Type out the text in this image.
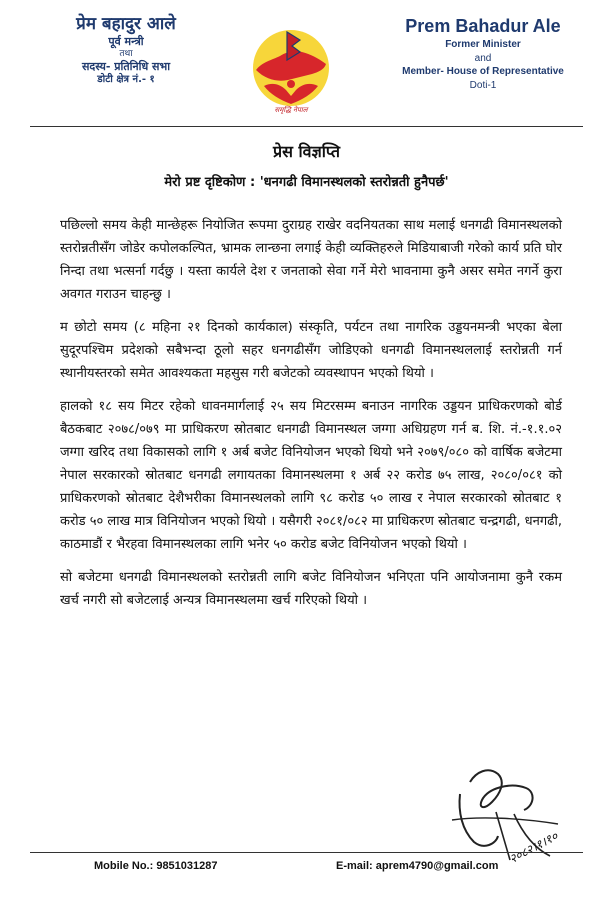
प्रेम बहादुर आले
पूर्व मन्त्री
तथा
सदस्य- प्रतिनिधि सभा
डोटी क्षेत्र नं.- १
समृद्धि नेपाल
Prem Bahadur Ale
Former Minister
and
Member- House of Representative
Doti-1
प्रेस विज्ञप्ति
मेरो प्रष्ट दृष्टिकोण : 'धनगढी विमानस्थलको स्तरोन्नती हुनैपर्छ'

पछिल्लो समय केही मान्छेहरू नियोजित रूपमा दुराग्रह राखेर वदनियतका साथ मलाई धनगढी विमानस्थलको स्तरोन्नतीसँग जोडेर कपोलकल्पित, भ्रामक लान्छना लगाई केही व्यक्तिहरुले मिडियाबाजी गरेको कार्य प्रति घोर निन्दा तथा भत्सर्ना गर्दछु । यस्ता कार्यले देश र जनताको सेवा गर्ने मेरो भावनामा कुनै असर समेत नगर्ने कुरा अवगत गराउन चाहन्छु ।

म छोटो समय (८ महिना २१ दिनको कार्यकाल) संस्कृति, पर्यटन तथा नागरिक उड्डयनमन्त्री भएका बेला सुदूरपश्चिम प्रदेशको सबैभन्दा ठूलो सहर धनगढीसँग जोडिएको धनगढी विमानस्थललाई स्तरोन्नती गर्न स्थानीयस्तरको समेत आवश्यकता महसुस गरी बजेटको व्यवस्थापन भएको थियो ।

हालको १८ सय मिटर रहेको धावनमार्गलाई २५ सय मिटरसम्म बनाउन नागरिक उड्डयन प्राधिकरणको बोर्ड बैठकबाट २०७८/०७९ मा प्राधिकरण स्रोतबाट धनगढी विमानस्थल जग्गा अधिग्रहण गर्न ब. शि. नं.-१.१.०२ जग्गा खरिद तथा विकासको लागि १ अर्ब बजेट विनियोजन भएको थियो भने २०७९/०८० को वार्षिक बजेटमा नेपाल सरकारको स्रोतबाट धनगढी लगायतका विमानस्थलमा १ अर्ब २२ करोड ७५ लाख, २०८०/०८१ को प्राधिकरणको स्रोतबाट देशैभरीका विमानस्थलको लागि ९८ करोड ५० लाख र नेपाल सरकारको स्रोतबाट १ करोड ५० लाख मात्र विनियोजन भएको थियो । यसैगरी २०८१/०८२ मा प्राधिकरण स्रोतबाट चन्द्रगढी, धनगढी, काठमाडौं र भैरहवा विमानस्थलका लागि भनेर ५० करोड बजेट विनियोजन भएको थियो ।

सो बजेटमा धनगढी विमानस्थलको स्तरोन्नती लागि बजेट विनियोजन भनिएता पनि आयोजनामा कुनै रकम खर्च नगरी सो बजेटलाई अन्यत्र विमानस्थलमा खर्च गरिएको थियो ।

२०८२।१।१०
Mobile No.: 9851031287	E-mail: aprem4790@gmail.com
